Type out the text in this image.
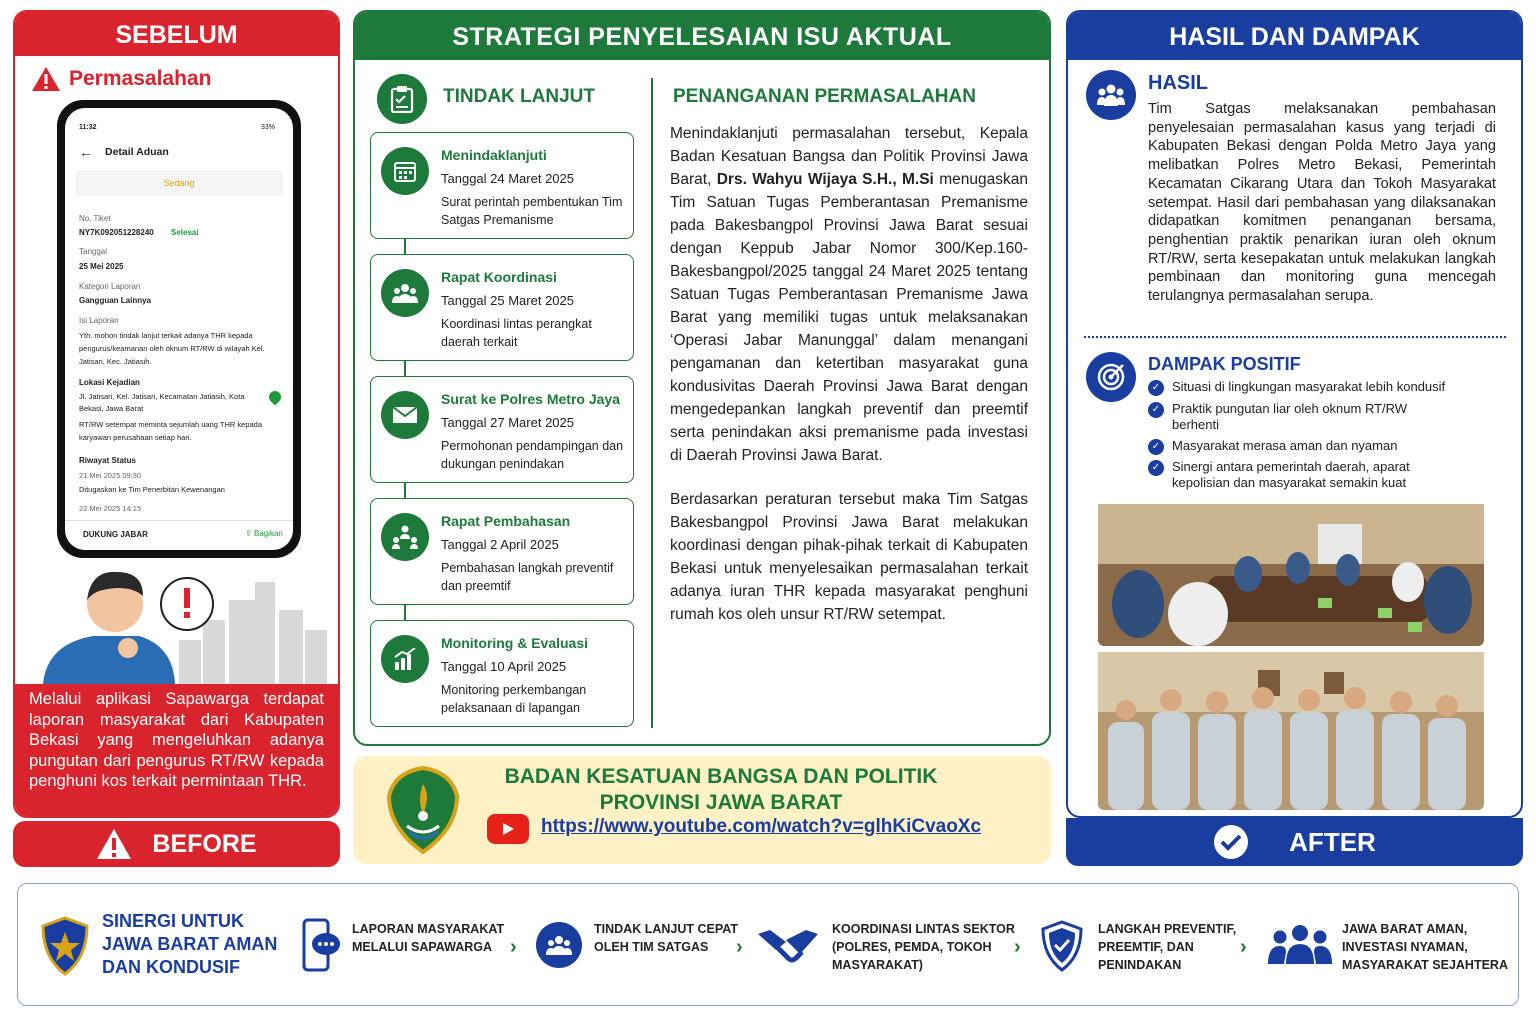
SEBELUM
Permasalahan
11:32	33%
← Detail Aduan
Sedang
No. Tiket
NY7K092051228240 Selesai
Tanggal
25 Mei 2025
Kategori Laporan
Gangguan Lainnya
Isi Laporan
Yth. mohon tindak lanjut terkait adanya THR kepada pengurus/keamanan oleh oknum RT/RW di wilayah Kel. Jatisari, Kec. Jatiasih.
Lokasi Kejadian
Jl. Jatisari, Kel. Jatisari, Kecamatan Jatiasih, Kota Bekasi, Jawa Barat
RT/RW setempat meminta sejumlah uang THR kepada karyawan perusahaan setiap hari.
Riwayat Status
21 Mei 2025 09:30
Ditugaskan ke Tim Penerbitan Kewenangan
22 Mei 2025 14:15
DUKUNG JABAR	⇪ Bagikan
Melalui aplikasi Sapawarga terdapat laporan masyarakat dari Kabupaten Bekasi yang mengeluhkan adanya pungutan dari pengurus RT/RW kepada penghuni kos terkait permintaan THR.
BEFORE
STRATEGI PENYELESAIAN ISU AKTUAL
TINDAK LANJUT	PENANGANAN PERMASALAHAN
Menindaklanjuti
Tanggal 24 Maret 2025
Surat perintah pembentukan Tim Satgas Premanisme
Rapat Koordinasi
Tanggal 25 Maret 2025
Koordinasi lintas perangkat daerah terkait
Surat ke Polres Metro Jaya
Tanggal 27 Maret 2025
Permohonan pendampingan dan dukungan penindakan
Rapat Pembahasan
Tanggal 2 April 2025
Pembahasan langkah preventif dan preemtif
Monitoring & Evaluasi
Tanggal 10 April 2025
Monitoring perkembangan pelaksanaan di lapangan
Menindaklanjuti permasalahan tersebut, Kepala Badan Kesatuan Bangsa dan Politik Provinsi Jawa Barat, Drs. Wahyu Wijaya S.H., M.Si menugaskan Tim Satuan Tugas Pemberantasan Premanisme pada Bakesbangpol Provinsi Jawa Barat sesuai dengan Keppub Jabar Nomor 300/Kep.160-Bakesbangpol/2025 tanggal 24 Maret 2025 tentang Satuan Tugas Pemberantasan Premanisme Jawa Barat yang memiliki tugas untuk melaksanakan ‘Operasi Jabar Manunggal’ dalam menangani pengamanan dan ketertiban masyarakat guna kondusivitas Daerah Provinsi Jawa Barat dengan mengedepankan langkah preventif dan preemtif serta penindakan aksi premanisme pada investasi di Daerah Provinsi Jawa Barat.
Berdasarkan peraturan tersebut maka Tim Satgas Bakesbangpol Provinsi Jawa Barat melakukan koordinasi dengan pihak-pihak terkait di Kabupaten Bekasi untuk menyelesaikan permasalahan terkait adanya iuran THR kepada masyarakat penghuni rumah kos oleh unsur RT/RW setempat.
BADAN KESATUAN BANGSA DAN POLITIK
PROVINSI JAWA BARAT
https://www.youtube.com/watch?v=glhKiCvaoXc
HASIL DAN DAMPAK
HASIL
Tim Satgas melaksanakan pembahasan penyelesaian permasalahan kasus yang terjadi di Kabupaten Bekasi dengan Polda Metro Jaya yang melibatkan Polres Metro Bekasi, Pemerintah Kecamatan Cikarang Utara dan Tokoh Masyarakat setempat. Hasil dari pembahasan yang dilaksanakan didapatkan komitmen penanganan bersama, penghentian praktik penarikan iuran oleh oknum RT/RW, serta kesepakatan untuk melakukan langkah pembinaan dan monitoring guna mencegah terulangnya permasalahan serupa.
DAMPAK POSITIF
✓ Situasi di lingkungan masyarakat lebih kondusif
✓ Praktik pungutan liar oleh oknum RT/RW berhenti
✓ Masyarakat merasa aman dan nyaman
✓ Sinergi antara pemerintah daerah, aparat kepolisian dan masyarakat semakin kuat
AFTER
SINERGI UNTUK
JAWA BARAT AMAN
DAN KONDUSIF
LAPORAN MASYARAKAT
MELALUI SAPAWARGA ›
TINDAK LANJUT CEPAT
OLEH TIM SATGAS	›
KOORDINASI LINTAS SEKTOR
(POLRES, PEMDA, TOKOH
MASYARAKAT)
›
LANGKAH PREVENTIF,
PREEMTIF, DAN
PENINDAKAN
›
JAWA BARAT AMAN,
INVESTASI NYAMAN,
MASYARAKAT SEJAHTERA
